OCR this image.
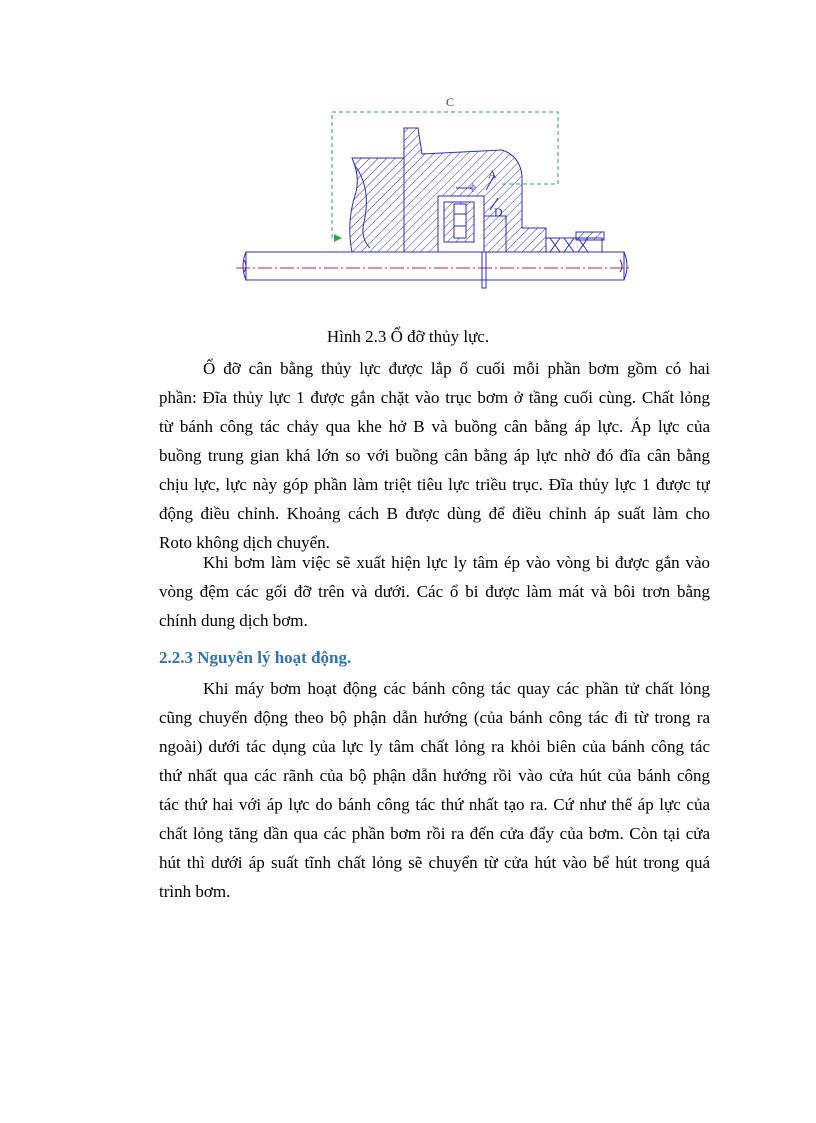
C
A
D
ф
Hình 2.3 Ổ đỡ thủy lực.
Ổ đỡ cân bằng thủy lực được lắp ổ cuối mỗi phần bơm gồm có hai
phần: Đĩa thủy lực 1 được gắn chặt vào trục bơm ở tầng cuối cùng. Chất lỏng
từ bánh công tác chảy qua khe hở B và buồng cân bằng áp lực. Áp lực của
buồng trung gian khá lớn so với buồng cân bằng áp lực nhờ đó đĩa cân bằng
chịu lực, lực này góp phần làm triệt tiêu lực triều trục. Đĩa thủy lực 1 được tự
động điều chỉnh. Khoảng cách B được dùng để điều chỉnh áp suất làm cho
Roto không dịch chuyển.
Khi bơm làm việc sẽ xuất hiện lực ly tâm ép vào vòng bi được gắn vào
vòng đệm các gối đỡ trên và dưới. Các ổ bi được làm mát và bôi trơn bằng
chính dung dịch bơm.
2.2.3 Nguyên lý hoạt động.
Khi máy bơm hoạt động các bánh công tác quay các phần tử chất lỏng
cũng chuyển động theo bộ phận dẫn hướng (của bánh công tác đi từ trong ra
ngoài) dưới tác dụng của lực ly tâm chất lỏng ra khỏi biên của bánh công tác
thứ nhất qua các rãnh của bộ phận dẫn hướng rồi vào cửa hút của bánh công
tác thứ hai với áp lực do bánh công tác thứ nhất tạo ra. Cứ như thế áp lực của
chất lỏng tăng dần qua các phần bơm rồi ra đến cửa đẩy của bơm. Còn tại cửa
hút thì dưới áp suất tĩnh chất lỏng sẽ chuyển từ cửa hút vào bể hút trong quá
trình bơm.
